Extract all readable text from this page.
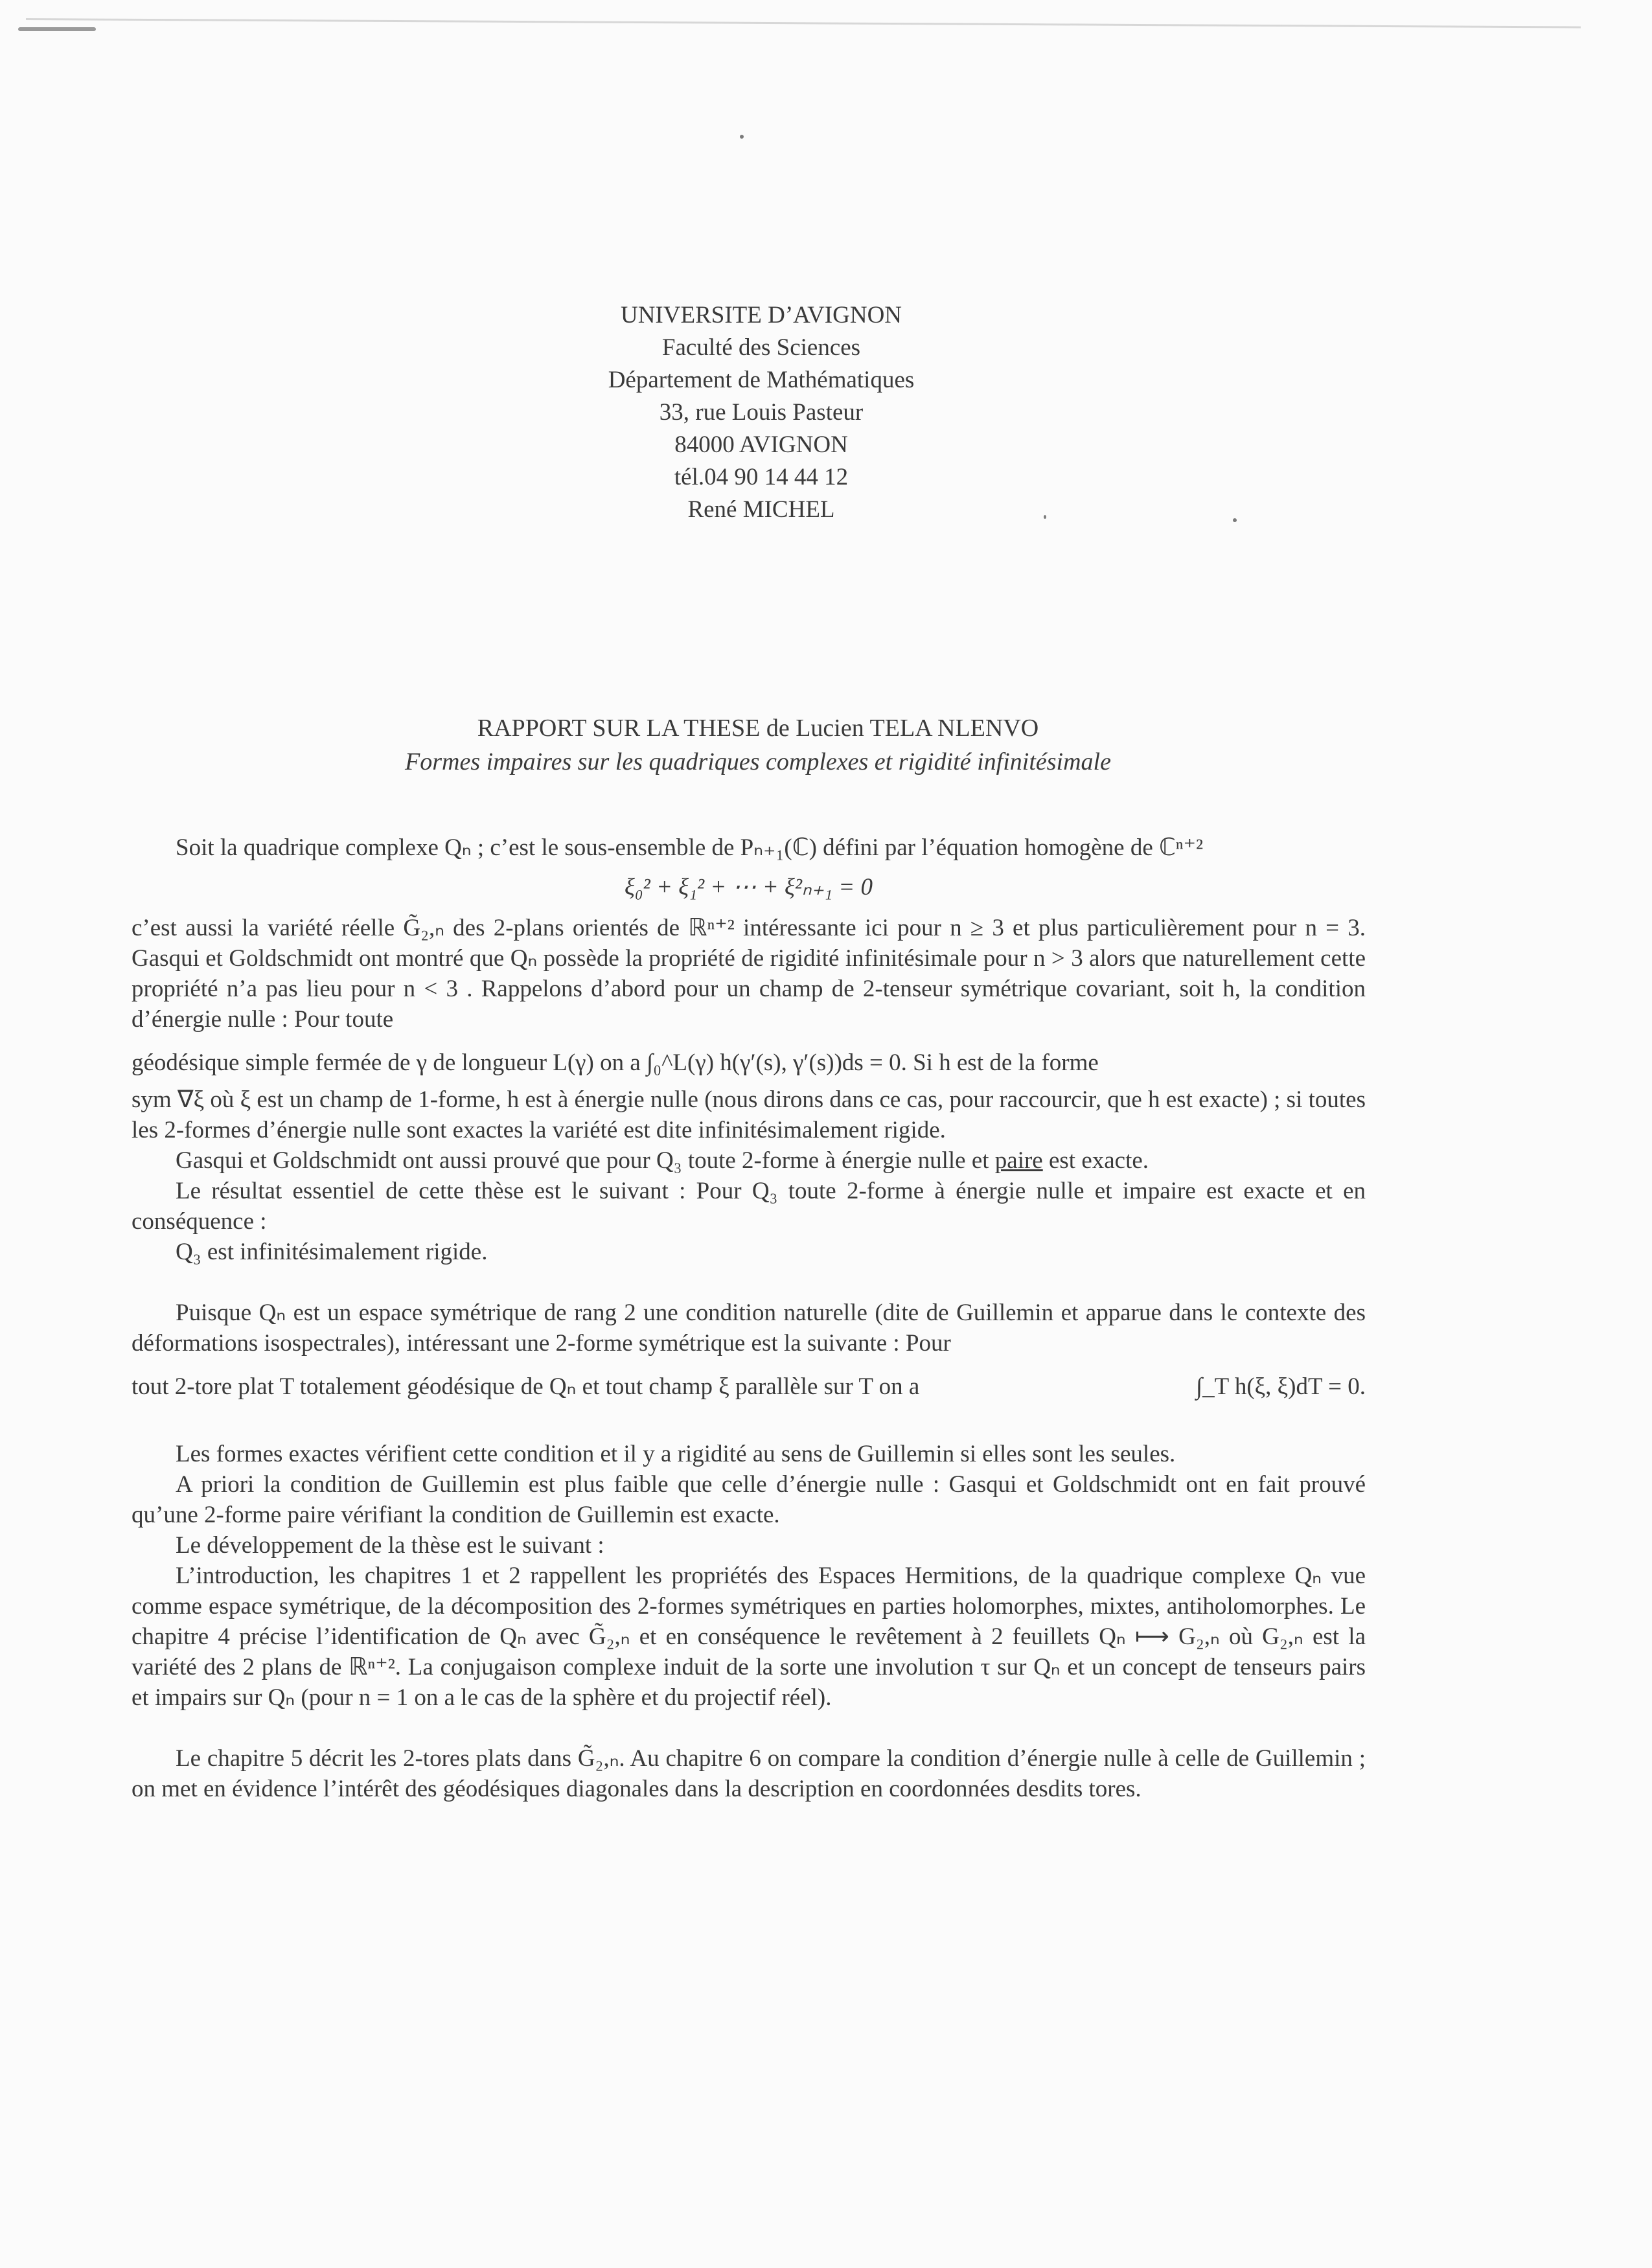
UNIVERSITE D’AVIGNON
Faculté des Sciences
Département de Mathématiques
33, rue Louis Pasteur
84000 AVIGNON
tél.04 90 14 44 12
René MICHEL
RAPPORT SUR LA THESE de Lucien TELA NLENVO
Formes impaires sur les quadriques complexes et rigidité infinitésimale

Soit la quadrique complexe Qₙ ; c’est le sous-ensemble de Pₙ₊₁(ℂ) défini par l’équation homogène de ℂⁿ⁺²

ξ₀² + ξ₁² + ⋯ + ξ²ₙ₊₁ = 0

c’est aussi la variété réelle G̃₂,ₙ des 2-plans orientés de ℝⁿ⁺² intéressante ici pour n ≥ 3 et plus particulièrement pour n = 3. Gasqui et Goldschmidt ont montré que Qₙ possède la propriété de rigidité infinitésimale pour n > 3 alors que naturellement cette propriété n’a pas lieu pour n < 3 . Rappelons d’abord pour un champ de 2-tenseur symétrique covariant, soit h, la condition d’énergie nulle : Pour toute

géodésique simple fermée de γ de longueur L(γ) on a ∫₀^L(γ) h(γ′(s), γ′(s))ds = 0. Si h est de la forme

sym ∇ξ où ξ est un champ de 1-forme, h est à énergie nulle (nous dirons dans ce cas, pour raccourcir, que h est exacte) ; si toutes les 2-formes d’énergie nulle sont exactes la variété est dite infinitésimalement rigide.

Gasqui et Goldschmidt ont aussi prouvé que pour Q₃ toute 2-forme à énergie nulle et paire est exacte.

Le résultat essentiel de cette thèse est le suivant : Pour Q₃ toute 2-forme à énergie nulle et impaire est exacte et en conséquence :

Q₃ est infinitésimalement rigide.

Puisque Qₙ est un espace symétrique de rang 2 une condition naturelle (dite de Guillemin et apparue dans le contexte des déformations isospectrales), intéressant une 2-forme symétrique est la suivante : Pour

tout 2-tore plat T totalement géodésique de Qₙ et tout champ ξ parallèle sur T on a	∫_T h(ξ, ξ)dT = 0.

Les formes exactes vérifient cette condition et il y a rigidité au sens de Guillemin si elles sont les seules.

A priori la condition de Guillemin est plus faible que celle d’énergie nulle : Gasqui et Goldschmidt ont en fait prouvé qu’une 2-forme paire vérifiant la condition de Guillemin est exacte.

Le développement de la thèse est le suivant :

L’introduction, les chapitres 1 et 2 rappellent les propriétés des Espaces Hermitions, de la quadrique complexe Qₙ vue comme espace symétrique, de la décomposition des 2-formes symétriques en parties holomorphes, mixtes, antiholomorphes. Le chapitre 4 précise l’identification de Qₙ avec G̃₂,ₙ et en conséquence le revêtement à 2 feuillets Qₙ ⟼ G₂,ₙ où G₂,ₙ est la variété des 2 plans de ℝⁿ⁺². La conjugaison complexe induit de la sorte une involution τ sur Qₙ et un concept de tenseurs pairs et impairs sur Qₙ (pour n = 1 on a le cas de la sphère et du projectif réel).

Le chapitre 5 décrit les 2-tores plats dans G̃₂,ₙ. Au chapitre 6 on compare la condition d’énergie nulle à celle de Guillemin ; on met en évidence l’intérêt des géodésiques diagonales dans la description en coordonnées desdits tores.
